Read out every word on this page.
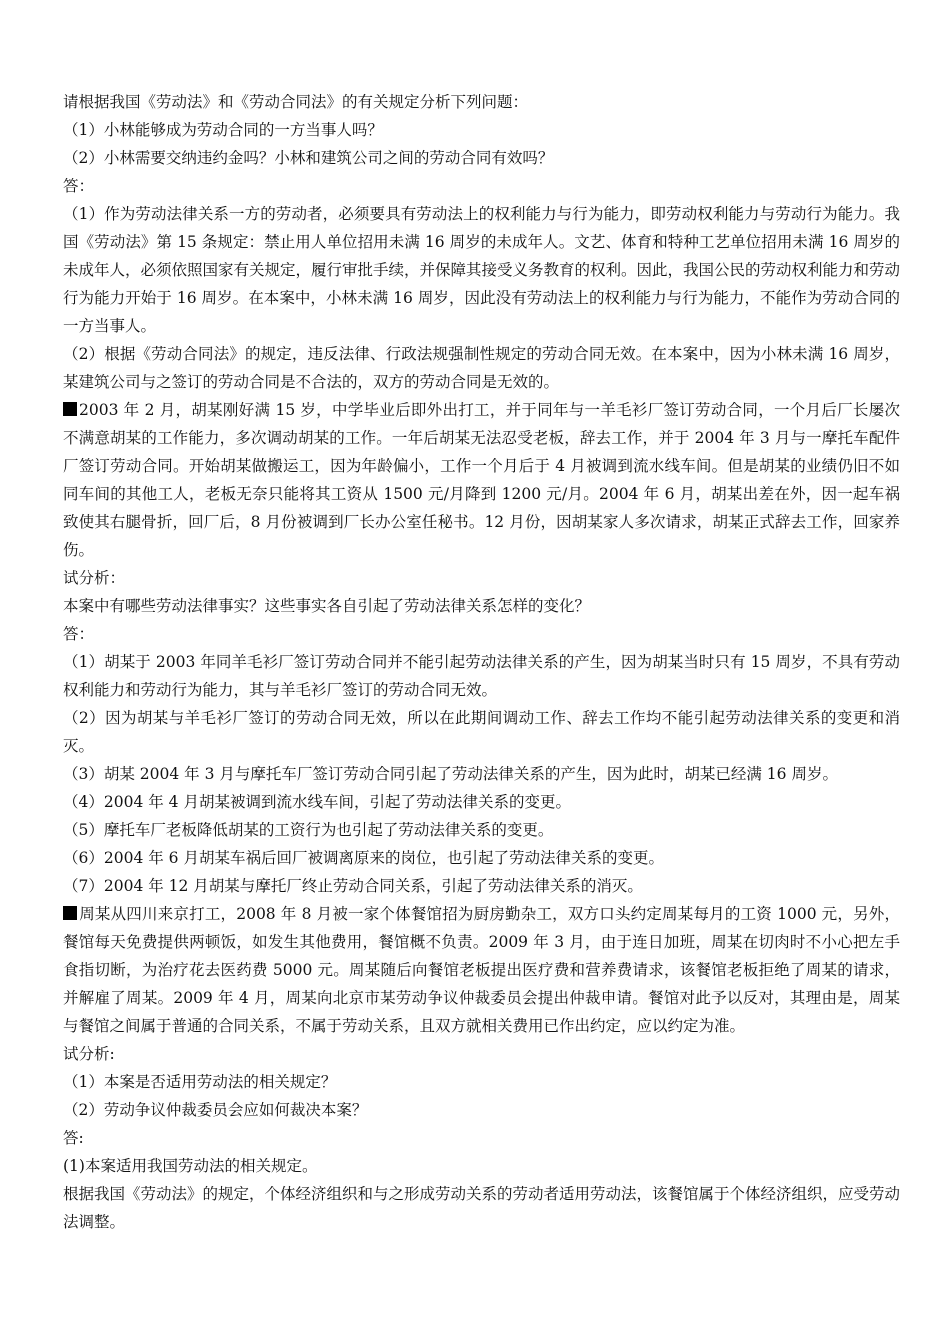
请根据我国《劳动法》和《劳动合同法》的有关规定分析下列问题：

（1）小林能够成为劳动合同的一方当事人吗？

（2）小林需要交纳违约金吗？小林和建筑公司之间的劳动合同有效吗？

答：

（1）作为劳动法律关系一方的劳动者，必须要具有劳动法上的权利能力与行为能力，即劳动权利能力与劳动行为能力。我国《劳动法》第 15 条规定：禁止用人单位招用未满 16 周岁的未成年人。文艺、体育和特种工艺单位招用未满 16 周岁的未成年人，必须依照国家有关规定，履行审批手续，并保障其接受义务教育的权利。因此，我国公民的劳动权利能力和劳动行为能力开始于 16 周岁。在本案中，小林未满 16 周岁，因此没有劳动法上的权利能力与行为能力，不能作为劳动合同的一方当事人。

（2）根据《劳动合同法》的规定，违反法律、行政法规强制性规定的劳动合同无效。在本案中，因为小林未满 16 周岁，某建筑公司与之签订的劳动合同是不合法的，双方的劳动合同是无效的。

2003 年 2 月，胡某刚好满 15 岁，中学毕业后即外出打工，并于同年与一羊毛衫厂签订劳动合同，一个月后厂长屡次不满意胡某的工作能力，多次调动胡某的工作。一年后胡某无法忍受老板，辞去工作，并于 2004 年 3 月与一摩托车配件厂签订劳动合同。开始胡某做搬运工，因为年龄偏小，工作一个月后于 4 月被调到流水线车间。但是胡某的业绩仍旧不如同车间的其他工人，老板无奈只能将其工资从 1500 元/月降到 1200 元/月。2004 年 6 月，胡某出差在外，因一起车祸致使其右腿骨折，回厂后，8 月份被调到厂长办公室任秘书。12 月份，因胡某家人多次请求，胡某正式辞去工作，回家养伤。

试分析：

本案中有哪些劳动法律事实？这些事实各自引起了劳动法律关系怎样的变化？

答：

（1）胡某于 2003 年同羊毛衫厂签订劳动合同并不能引起劳动法律关系的产生，因为胡某当时只有 15 周岁，不具有劳动权利能力和劳动行为能力，其与羊毛衫厂签订的劳动合同无效。

（2）因为胡某与羊毛衫厂签订的劳动合同无效，所以在此期间调动工作、辞去工作均不能引起劳动法律关系的变更和消灭。

（3）胡某 2004 年 3 月与摩托车厂签订劳动合同引起了劳动法律关系的产生，因为此时，胡某已经满 16 周岁。

（4）2004 年 4 月胡某被调到流水线车间，引起了劳动法律关系的变更。

（5）摩托车厂老板降低胡某的工资行为也引起了劳动法律关系的变更。

（6）2004 年 6 月胡某车祸后回厂被调离原来的岗位，也引起了劳动法律关系的变更。

（7）2004 年 12 月胡某与摩托厂终止劳动合同关系，引起了劳动法律关系的消灭。

周某从四川来京打工，2008 年 8 月被一家个体餐馆招为厨房勤杂工，双方口头约定周某每月的工资 1000 元，另外，餐馆每天免费提供两顿饭，如发生其他费用，餐馆概不负责。2009 年 3 月，由于连日加班，周某在切肉时不小心把左手食指切断，为治疗花去医药费 5000 元。周某随后向餐馆老板提出医疗费和营养费请求，该餐馆老板拒绝了周某的请求，并解雇了周某。2009 年 4 月，周某向北京市某劳动争议仲裁委员会提出仲裁申请。餐馆对此予以反对，其理由是，周某与餐馆之间属于普通的合同关系，不属于劳动关系，且双方就相关费用已作出约定，应以约定为准。

试分析:

（1）本案是否适用劳动法的相关规定？

（2）劳动争议仲裁委员会应如何裁决本案？

答:

(1)本案适用我国劳动法的相关规定。

根据我国《劳动法》的规定，个体经济组织和与之形成劳动关系的劳动者适用劳动法，该餐馆属于个体经济组织，应受劳动法调整。
